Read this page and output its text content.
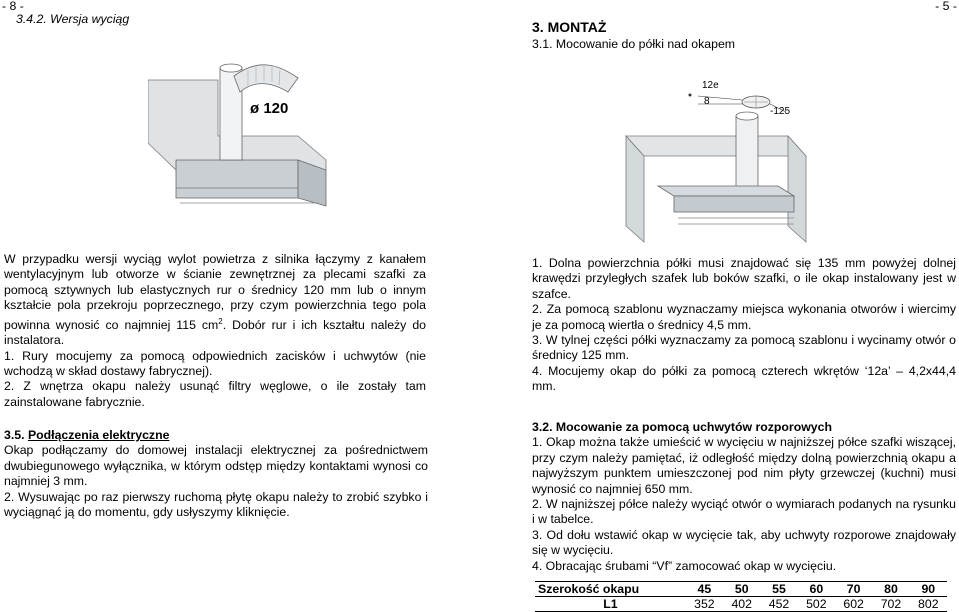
- 8 -
3.4.2. Wersja wyciąg
ø 120

W przypadku wersji wyciąg wylot powietrza z silnika łączymy z kanałem wentylacyjnym lub otworze w ścianie zewnętrznej za plecami szafki za pomocą sztywnych lub elastycznych rur o średnicy 120 mm lub o innym kształcie pola przekroju poprzecznego, przy czym powierzchnia tego pola powinna wynosić co najmniej 115 $cm^2$. Dobór rur i ich kształtu należy do instalatora.

1. Rury mocujemy za pomocą odpowiednich zacisków i uchwytów (nie wchodzą w skład dostawy fabrycznej).

2. Z wnętrza okapu należy usunąć filtry węglowe, o ile zostały tam zainstalowane fabrycznie.

3.5. Podłączenia elektryczne

Okap podłączamy do domowej instalacji elektrycznej za pośrednictwem dwubiegunowego wyłącznika, w którym odstęp między kontaktami wynosi co najmniej 3 mm.

2. Wysuwając po raz pierwszy ruchomą płytę okapu należy to zrobić szybko i wyciągnąć ją do momentu, gdy usłyszymy kliknięcie.

- 5 -
3. MONTAŻ
3.1. Mocowanie do półki nad okapem
12e
8
-125

1. Dolna powierzchnia półki musi znajdować się 135 mm powyżej dolnej krawędzi przyległych szafek lub boków szafki, o ile okap instalowany jest w szafce.

2. Za pomocą szablonu wyznaczamy miejsca wykonania otworów i wiercimy je za pomocą wiertła o średnicy 4,5 mm.

3. W tylnej części półki wyznaczamy za pomocą szablonu i wycinamy otwór o średnicy 125 mm.

4. Mocujemy okap do półki za pomocą czterech wkrętów ‘12a’ – 4,2x44,4 mm.

3.2. Mocowanie za pomocą uchwytów rozporowych

1. Okap można także umieścić w wycięciu w najniższej półce szafki wiszącej, przy czym należy pamiętać, iż odległość między dolną powierzchnią okapu a najwyższym punktem umieszczonej pod nim płyty grzewczej (kuchni) musi wynosić co najmniej 650 mm.

2. W najniższej półce należy wyciąć otwór o wymiarach podanych na rysunku i w tabelce.

3. Od dołu wstawić okap w wycięcie tak, aby uchwyty rozporowe znajdowały się w wycięciu.

4. Obracając śrubami “Vf” zamocować okap w wycięciu.

Szerokość okapu	45	50	55	60	70	80	90
L1	352	402	452	502	602	702	802
